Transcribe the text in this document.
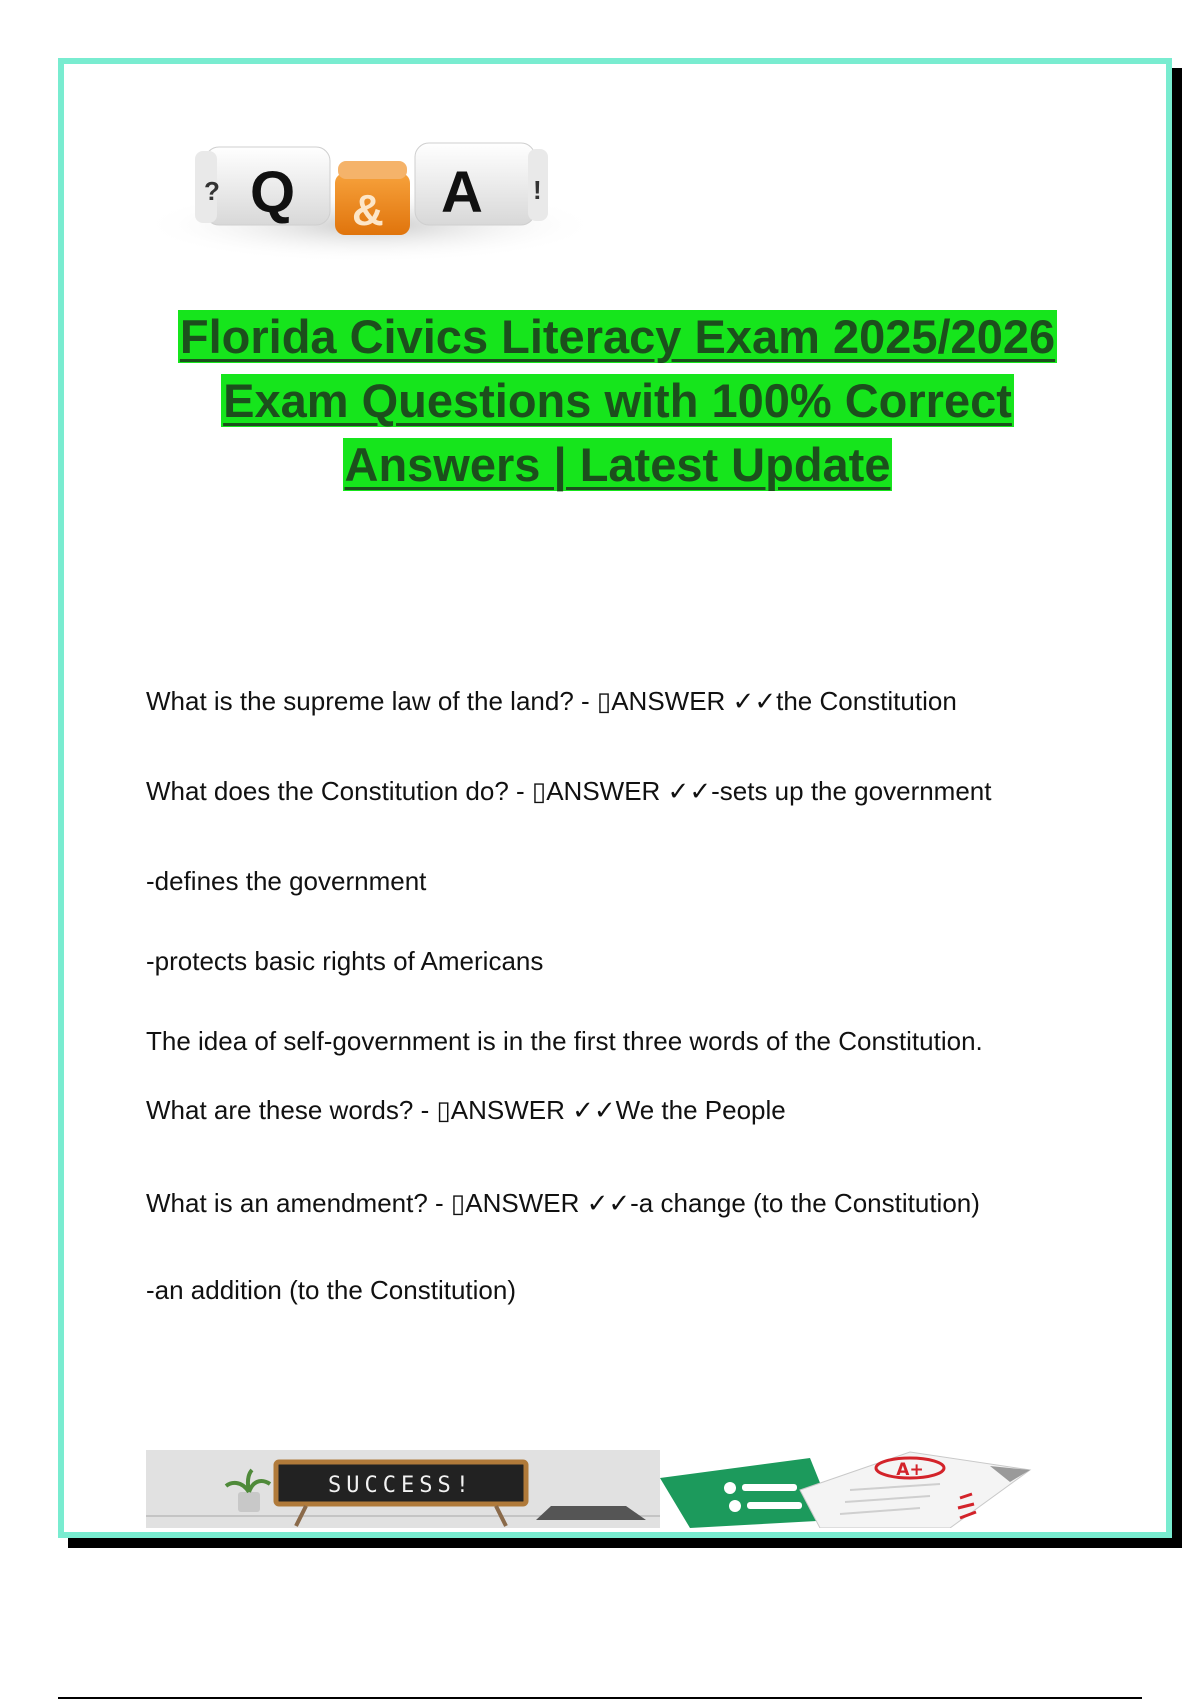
? Q & A !
Florida Civics Literacy Exam 2025/2026
Exam Questions with 100% Correct
Answers | Latest Update
What is the supreme law of the land? - ▯ANSWER ✓✓the Constitution
What does the Constitution do? - ▯ANSWER ✓✓-sets up the government
-defines the government
-protects basic rights of Americans
The idea of self-government is in the first three words of the Constitution.
What are these words? - ▯ANSWER ✓✓We the People
What is an amendment? - ▯ANSWER ✓✓-a change (to the Constitution)
-an addition (to the Constitution)
SUCCESS!
A+
